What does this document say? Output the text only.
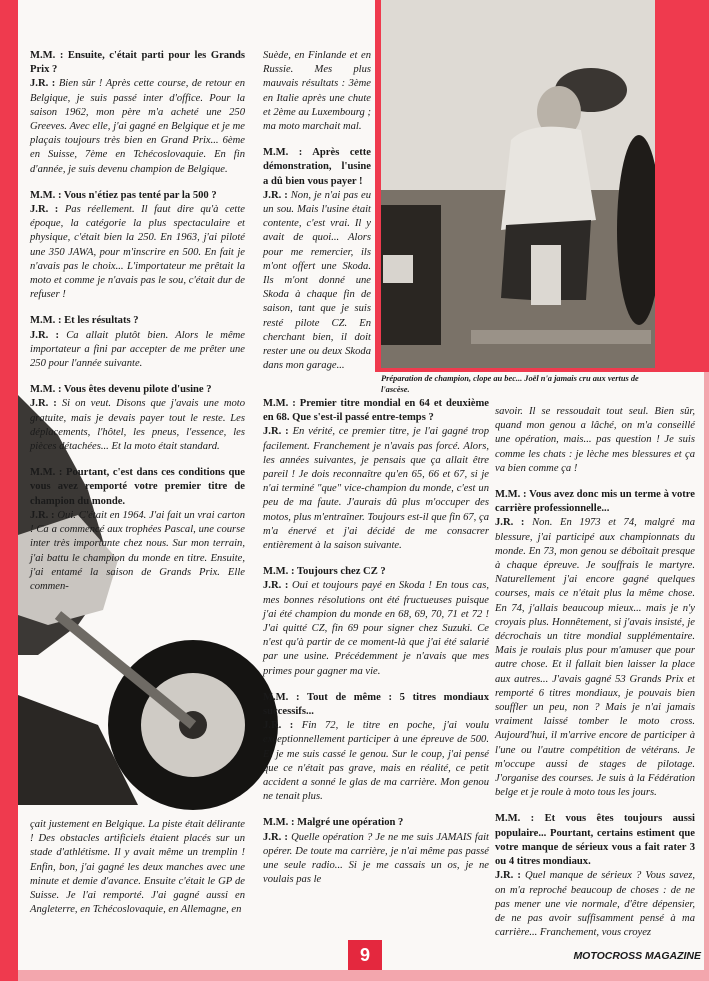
Préparation de champion, clope au bec... Joël n'a jamais cru aux vertus de l'ascèse.

M.M. : Ensuite, c'était parti pour les Grands Prix ?
J.R. : Bien sûr ! Après cette course, de retour en Belgique, je suis passé inter d'office. Pour la saison 1962, mon père m'a acheté une 250 Greeves. Avec elle, j'ai gagné en Belgique et je me plaçais toujours très bien en Grand Prix... 6ème en Suisse, 7ème en Tchécoslovaquie. En fin d'année, je suis devenu champion de Belgique.

M.M. : Vous n'étiez pas tenté par la 500 ?
J.R. : Pas réellement. Il faut dire qu'à cette époque, la catégorie la plus spectaculaire et physique, c'était bien la 250. En 1963, j'ai piloté une 350 JAWA, pour m'inscrire en 500. En fait je n'avais pas le choix... L'importateur me prêtait la moto et comme je n'avais pas le sou, c'était dur de refuser !

M.M. : Et les résultats ?
J.R. : Ca allait plutôt bien. Alors le même importateur a fini par accepter de me prêter une 250 pour l'année suivante.

M.M. : Vous êtes devenu pilote d'usine ?
J.R. : Si on veut. Disons que j'avais une moto gratuite, mais je devais payer tout le reste. Les déplacements, l'hôtel, les pneus, l'essence, les pièces détachées... Et la moto était standard.

M.M. : Pourtant, c'est dans ces conditions que vous avez remporté votre premier titre de champion du monde.
J.R. : Oui. C'était en 1964. J'ai fait un vrai carton ! Ca a commencé aux trophées Pascal, une course inter très importante chez nous. Sur mon terrain, j'ai battu le champion du monde en titre. Ensuite, j'ai entamé la saison de Grands Prix. Elle commen-

çait justement en Belgique. La piste était délirante ! Des obstacles artificiels étaient placés sur un stade d'athlétisme. Il y avait même un tremplin ! Enfin, bon, j'ai gagné les deux manches avec une minute et demie d'avance. Ensuite c'était le GP de Suisse. Je l'ai remporté. J'ai gagné aussi en Angleterre, en Tchécoslovaquie, en Allemagne, en

Suède, en Finlande et en Russie. Mes plus mauvais résultats : 3ème en Italie après une chute et 2ème au Luxembourg ; ma moto marchait mal.

M.M. : Après cette démonstration, l'usine a dû bien vous payer !
J.R. : Non, je n'ai pas eu un sou. Mais l'usine était contente, c'est vrai. Il y avait de quoi... Alors pour me remercier, ils m'ont offert une Skoda. Ils m'ont donné une Skoda à chaque fin de saison, tant que je suis resté pilote CZ. En cherchant bien, il doit rester une ou deux Skoda dans mon garage...

M.M. : Premier titre mondial en 64 et deuxième en 68. Que s'est-il passé entre-temps ?
J.R. : En vérité, ce premier titre, je l'ai gagné trop facilement. Franchement je n'avais pas forcé. Alors, les années suivantes, je pensais que ça allait être pareil ! Je dois reconnaître qu'en 65, 66 et 67, si je n'ai terminé "que" vice-champion du monde, c'est un peu de ma faute. J'aurais dû plus m'occuper des motos, plus m'entraîner. Toujours est-il que fin 67, ça m'a énervé et j'ai décidé de me consacrer entièrement à la saison suivante.

M.M. : Toujours chez CZ ?
J.R. : Oui et toujours payé en Skoda ! En tous cas, mes bonnes résolutions ont été fructueuses puisque j'ai été champion du monde en 68, 69, 70, 71 et 72 ! J'ai quitté CZ, fin 69 pour signer chez Suzuki. Ce n'est qu'à partir de ce moment-là que j'ai été salarié par une usine. Précédemment je n'avais que mes primes pour gagner ma vie.

M.M. : Tout de même : 5 titres mondiaux successifs...
J.R. : Fin 72, le titre en poche, j'ai voulu exceptionnellement participer à une épreuve de 500. Et je me suis cassé le genou. Sur le coup, j'ai pensé que ce n'était pas grave, mais en réalité, ce petit accident a sonné le glas de ma carrière. Mon genou ne tenait plus.

M.M. : Malgré une opération ?
J.R. : Quelle opération ? Je ne me suis JAMAIS fait opérer. De toute ma carrière, je n'ai même pas passé une seule radio... Si je me cassais un os, je ne voulais pas le

savoir. Il se ressoudait tout seul. Bien sûr, quand mon genou a lâché, on m'a conseillé une opération, mais... pas question ! Je suis comme les chats : je lèche mes blessures et ça va bien comme ça !

M.M. : Vous avez donc mis un terme à votre carrière professionnelle...
J.R. : Non. En 1973 et 74, malgré ma blessure, j'ai participé aux championnats du monde. En 73, mon genou se déboîtait presque à chaque épreuve. Je souffrais le martyre. Naturellement j'ai encore gagné quelques courses, mais ce n'était plus la même chose. En 74, j'allais beaucoup mieux... mais je n'y croyais plus. Honnêtement, si j'avais insisté, je décrochais un titre mondial supplémentaire. Mais je roulais plus pour m'amuser que pour autre chose. Et il fallait bien laisser la place aux autres... J'avais gagné 53 Grands Prix et remporté 6 titres mondiaux, je pouvais bien souffler un peu, non ? Mais je n'ai jamais vraiment laissé tomber le moto cross. Aujourd'hui, il m'arrive encore de participer à l'une ou l'autre compétition de vétérans. Je m'occupe aussi de stages de pilotage. J'organise des courses. Je suis à la Fédération belge et je roule à moto tous les jours.

M.M. : Et vous êtes toujours aussi populaire... Pourtant, certains estiment que votre manque de sérieux vous a fait rater 3 ou 4 titres mondiaux.
J.R. : Quel manque de sérieux ? Vous savez, on m'a reproché beaucoup de choses : de ne pas mener une vie normale, d'être dépensier, de ne pas avoir suffisamment pensé à ma carrière... Franchement, vous croyez

9	MOTOCROSS MAGAZINE
